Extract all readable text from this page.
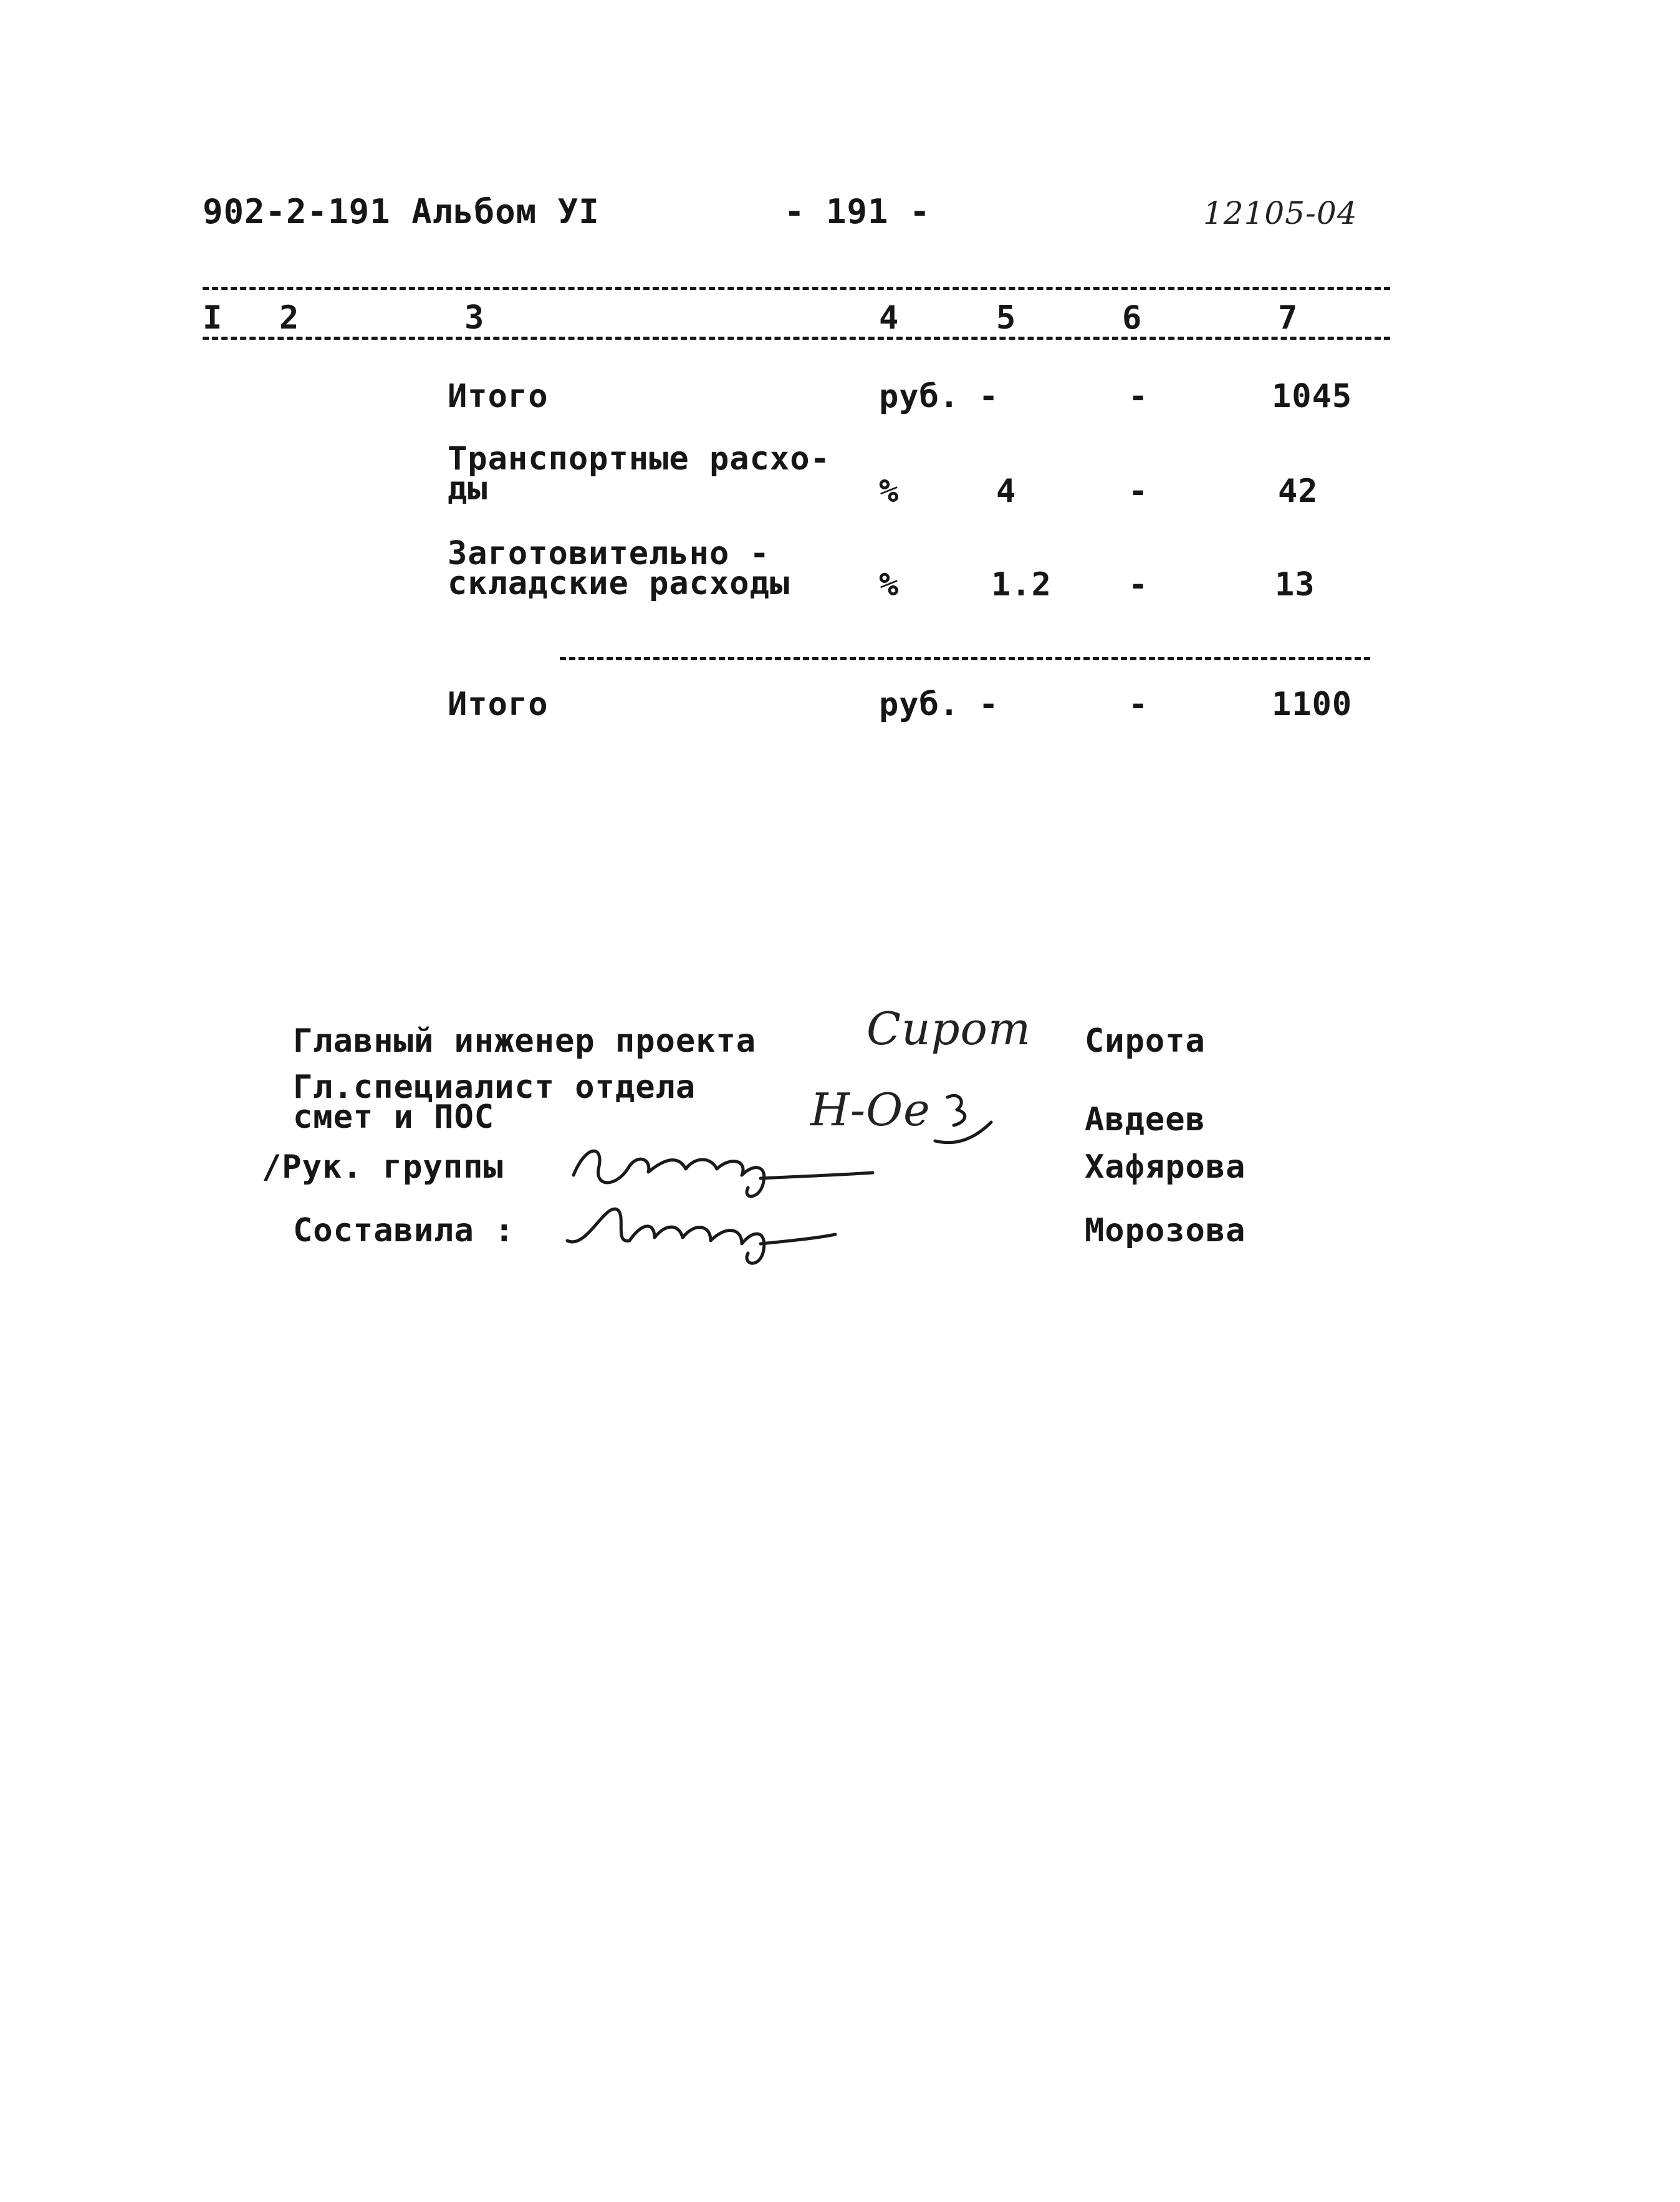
902-2-191 Альбом УI	- 191 -	12105-04
I 2	3	4	5	6	7
Итого	руб. -	-	1045
Транспортные расхо-
ды	%	4	-	42
Заготовительно -
складские расходы	%	1.2 -	13
Итого	руб. -	-	1100
Главный инженер проекта Сирот Сирота
Гл.специалист отдела
смет и ПОС	Н-Ое	Авдеев
/Рук. группы	Хафярова
Составила :	Морозова
